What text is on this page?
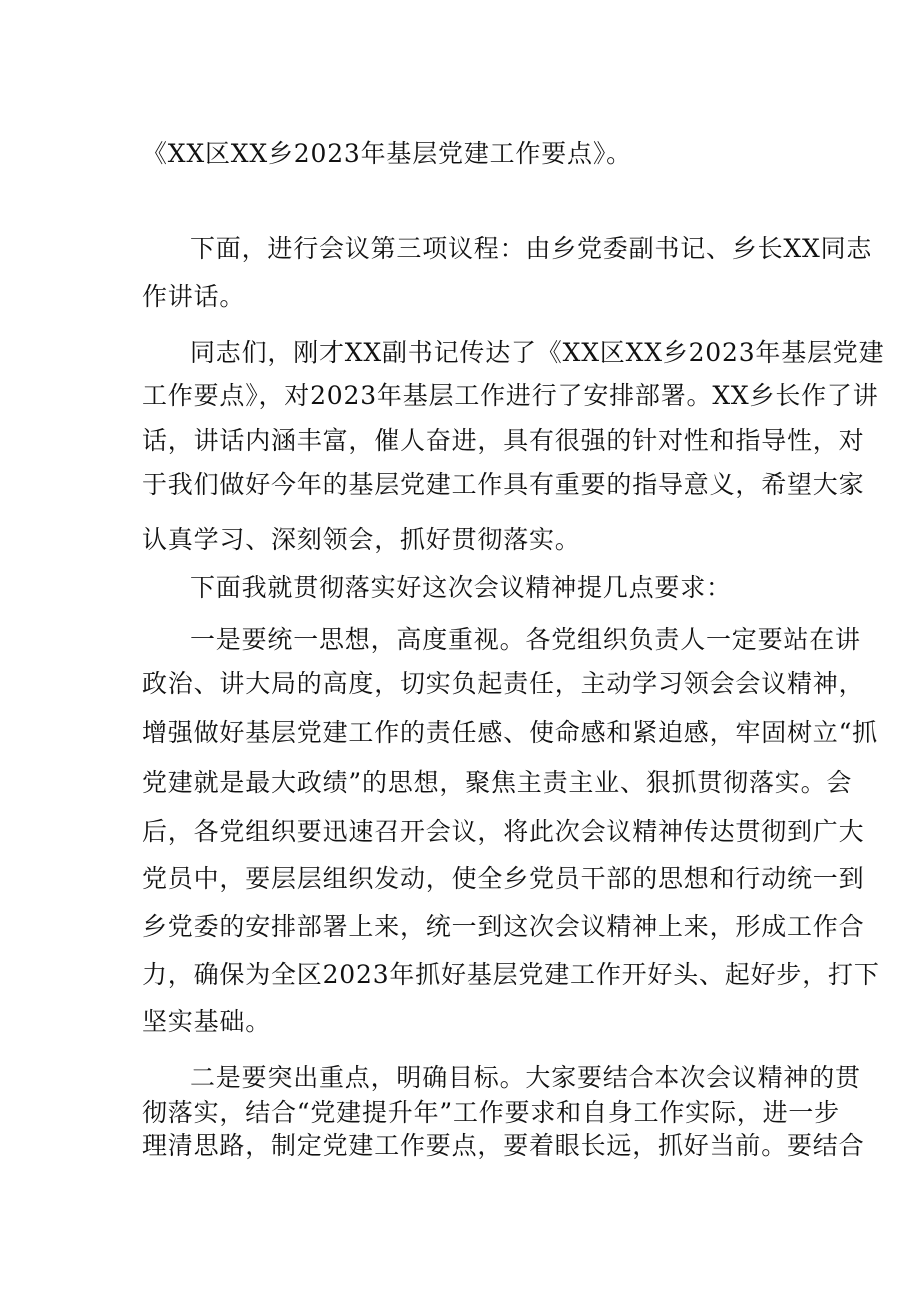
《XX区XX乡2023年基层党建工作要点》。
下面，进行会议第三项议程：由乡党委副书记、乡长XX同志
作讲话。
同志们，刚才XX副书记传达了《XX区XX乡2023年基层党建
工作要点》，对2023年基层工作进行了安排部署。XX乡长作了讲
话，讲话内涵丰富，催人奋进，具有很强的针对性和指导性，对
于我们做好今年的基层党建工作具有重要的指导意义，希望大家
认真学习、深刻领会，抓好贯彻落实。
下面我就贯彻落实好这次会议精神提几点要求：
一是要统一思想，高度重视。各党组织负责人一定要站在讲
政治、讲大局的高度，切实负起责任，主动学习领会会议精神，
增强做好基层党建工作的责任感、使命感和紧迫感，牢固树立“抓
党建就是最大政绩”的思想，聚焦主责主业、狠抓贯彻落实。会
后，各党组织要迅速召开会议，将此次会议精神传达贯彻到广大
党员中，要层层组织发动，使全乡党员干部的思想和行动统一到
乡党委的安排部署上来，统一到这次会议精神上来，形成工作合
力，确保为全区2023年抓好基层党建工作开好头、起好步，打下
坚实基础。
二是要突出重点，明确目标。大家要结合本次会议精神的贯
彻落实，结合“党建提升年”工作要求和自身工作实际，进一步
理清思路，制定党建工作要点，要着眼长远，抓好当前。要结合
